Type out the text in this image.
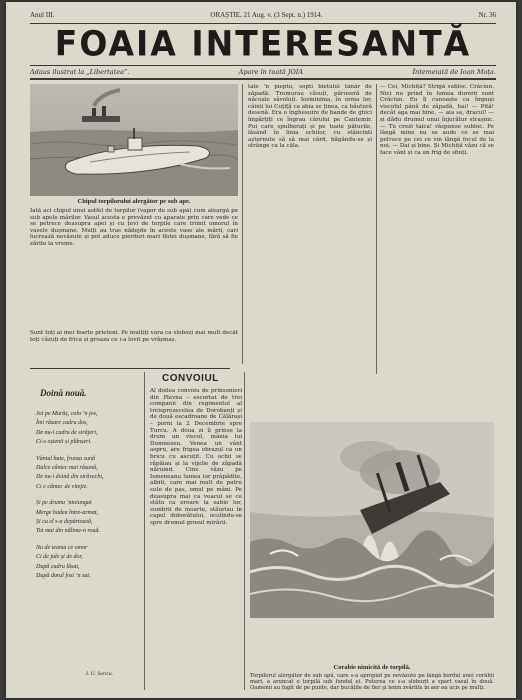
Anul III.	ORAȘTIE, 21 Aug. v. (3 Sept. n.) 1914.	Nr. 36
FOAIA INTERESANTĂ
Adaus ilustrat la „Libertatea”.	Apare în toată JOIA	Întemeiată de Ioan Moța.
Chipul torpilorului alergător pe sub ape.
Iată aci chipul unui astfel de torpilor (vapor de sub apă) cum aleargă pe sub apele mărilor. Vasul acesta e prevăzut cu aparate prin care vede ce se petrece deasupra apei și cu țevi de torpile care trimit omorul în vasele dușmane. Mulți au tras nădejde în aceste vase ale mării, cari lucrează nevăzute și pot aduce pierderi mari flotei dușmane, fără să fie zărite la vreme.
Sunt toți ai mei foarte prieteni. Pe mulțiți vara ca slobozi mai mult decât toți căzuți de frica și groaza ce i-a lovit pe vrășmaș.
Doină nouă.
Joi pe Murăș, colo ’n jos,
Îmi răsare cadru dos,
De nu-i cadru de străjeri,
Ci-s oștenii și plânșeri.
Vântul bate, frunza sună
Dulce cântec mai răsună,
De nu-i doină din străvechi,
Ci e cântec de vitejie.
Și pe drumu ’ntoiungat
Merge badea între-armat,
Și cu el s-a depărtoasă,
Tot mai din nălime-n rouă.
Nu de teama ce omor
Ci de jale și de dor,
După cadru lăsat,
După dorul fost ’n sat.
I. U. Soricu.
CONVOIUL
Al doilea convoiu de prinsonieri din Plevna – escortat de trei companii din regimentul al treisprezecelea de Dorobanți și de două escadroane de Călărași – porni la 2 Decembrie spre Turcu. A doua zi îl prinse la drum un viscol, mânia lui Dumnezeu. Venea un vânt aspru, are frigea obrazul ca un bricu cu ascuțit. Cu ochii se răpăiau și la vijelie de zăpadă năruind. Cine văzu pe Ismeneanu lumea lor prăpădite, albiti, care mai mult de patru sute de pas, omul pe mâni. Pe deasupra mai ca veacul se ce stătu ca eroare la sabie lor, sumbrii de moarte, stăuriau în capul doborâtului, ocolindu-se spre drumul grosul mirării.
tale ’n pieptu, sopti bietului tânăr de zăpadă. Tremurau căsuți, păruseră de năcoale săvoluți. Iosminima, în urma lor, câinii lui Cuțiță ca abia se ținea, ca băutură desenă. Era o înghesuire de bande de ghici împărțiți ce îngrau cărului pe Cantemir. Pui care spulberați și pe toate păturile, lăsând în linia ochilor, cu stâncinti așternute să să mai cârd, băgându-se și strânge ca la căla.
— Cei, Michiță? Strigă subloc. Crăciun. Nici nu prind în lumea durerii sunt Crăciun. Eu îl cunoaște ca împuși viscolul până de zăpadă, hai! — Pită! decât aga mai bine, — aia sa, dracul! — și dădu drumul unui înjurătur strașnic. — Tu crezi taica! răspunse subloc. Pe lângă mine nu se aude ce se mai petrece pe cei ce vin lângă focul de la noi. — Dai și bine. Și Michiță văzu că se face vânt și ca un frig de sfinți.
Corabie nimicită de torpilă.
Torpilorul alergător de sub apă, care s-a apropiat pe nevăzute pe lângă bordul unei corăbii mari, a aruncat o torpilă sub fundul ei. Puterea ce s-a slobozit a spart vasul în două. Oamenii au fugit de pe punte, dar bucățile de fier și lemn zvârlite în aer au ucis pe mulți.
